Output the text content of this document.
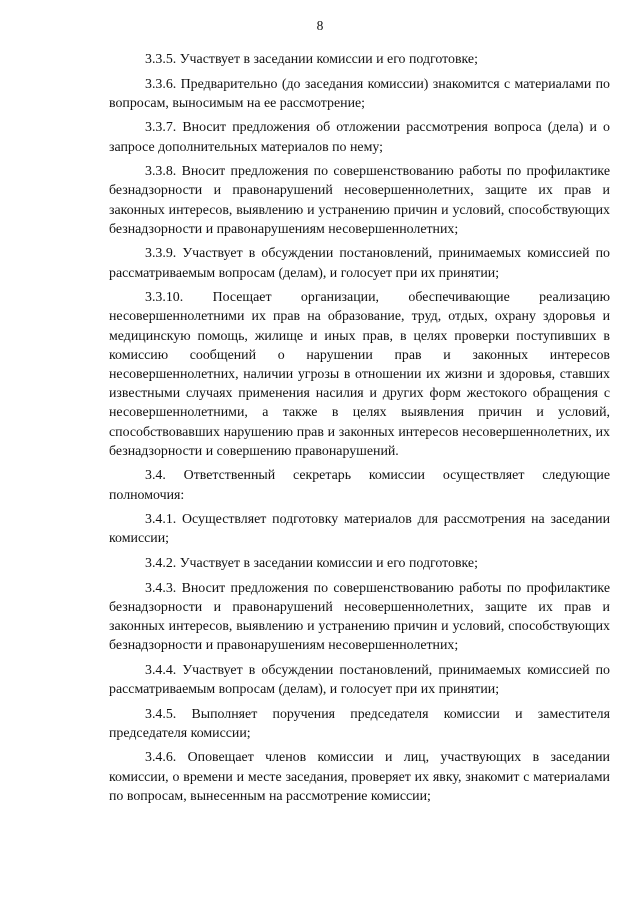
8

3.3.5. Участвует в заседании комиссии и его подготовке;

3.3.6. Предварительно (до заседания комиссии) знакомится с материалами по вопросам, выносимым на ее рассмотрение;

3.3.7. Вносит предложения об отложении рассмотрения вопроса (дела) и о запросе дополнительных материалов по нему;

3.3.8. Вносит предложения по совершенствованию работы по профилактике безнадзорности и правонарушений несовершеннолетних, защите их прав и законных интересов, выявлению и устранению причин и условий, способствующих безнадзорности и правонарушениям несовершеннолетних;

3.3.9. Участвует в обсуждении постановлений, принимаемых комиссией по рассматриваемым вопросам (делам), и голосует при их принятии;

3.3.10. Посещает организации, обеспечивающие реализацию несовершеннолетними их прав на образование, труд, отдых, охрану здоровья и медицинскую помощь, жилище и иных прав, в целях проверки поступивших в комиссию сообщений о нарушении прав и законных интересов несовершеннолетних, наличии угрозы в отношении их жизни и здоровья, ставших известными случаях применения насилия и других форм жестокого обращения с несовершеннолетними, а также в целях выявления причин и условий, способствовавших нарушению прав и законных интересов несовершеннолетних, их безнадзорности и совершению правонарушений.

3.4. Ответственный секретарь комиссии осуществляет следующие полномочия:

3.4.1. Осуществляет подготовку материалов для рассмотрения на заседании комиссии;

3.4.2. Участвует в заседании комиссии и его подготовке;

3.4.3. Вносит предложения по совершенствованию работы по профилактике безнадзорности и правонарушений несовершеннолетних, защите их прав и законных интересов, выявлению и устранению причин и условий, способствующих безнадзорности и правонарушениям несовершеннолетних;

3.4.4. Участвует в обсуждении постановлений, принимаемых комиссией по рассматриваемым вопросам (делам), и голосует при их принятии;

3.4.5. Выполняет поручения председателя комиссии и заместителя председателя комиссии;

3.4.6. Оповещает членов комиссии и лиц, участвующих в заседании комиссии, о времени и месте заседания, проверяет их явку, знакомит с материалами по вопросам, вынесенным на рассмотрение комиссии;
